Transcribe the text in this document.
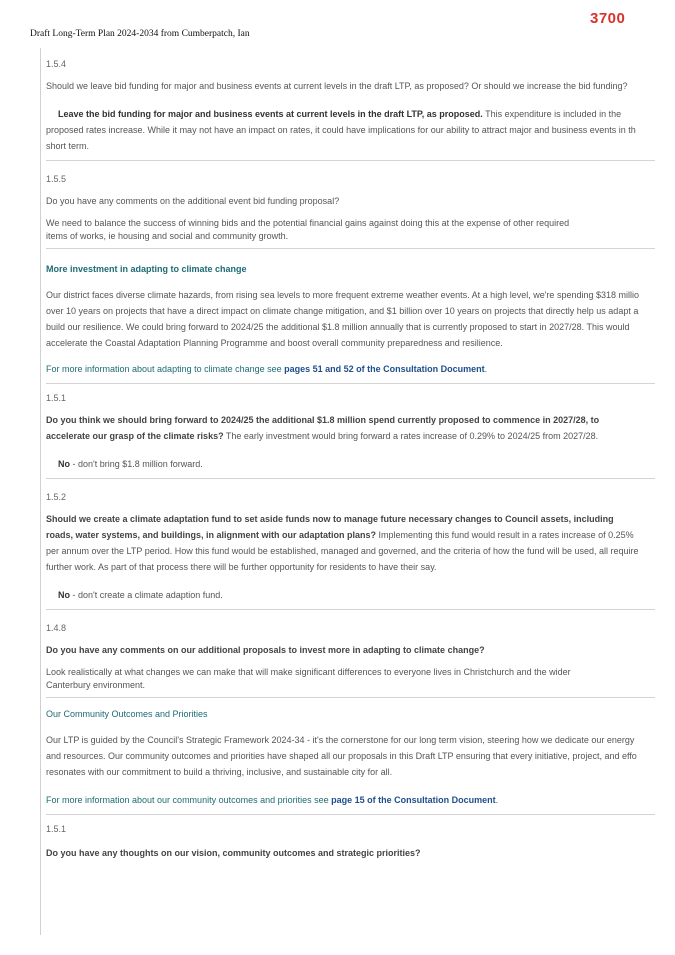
3700
Draft Long-Term Plan 2024-2034 from Cumberpatch, Ian
1.5.4
Should we leave bid funding for major and business events at current levels in the draft LTP, as proposed? Or should we increase the bid funding?
Leave the bid funding for major and business events at current levels in the draft LTP, as proposed. This expenditure is included in the
proposed rates increase. While it may not have an impact on rates, it could have implications for our ability to attract major and business events in th
short term.
1.5.5
Do you have any comments on the additional event bid funding proposal?
We need to balance the success of winning bids and the potential financial gains against doing this at the expense of other required
items of works, ie housing and social and community growth.
More investment in adapting to climate change
Our district faces diverse climate hazards, from rising sea levels to more frequent extreme weather events. At a high level, we're spending $318 millio
over 10 years on projects that have a direct impact on climate change mitigation, and $1 billion over 10 years on projects that directly help us adapt a
build our resilience. We could bring forward to 2024/25 the additional $1.8 million annually that is currently proposed to start in 2027/28. This would
accelerate the Coastal Adaptation Planning Programme and boost overall community preparedness and resilience.
For more information about adapting to climate change see pages 51 and 52 of the Consultation Document.
1.5.1
Do you think we should bring forward to 2024/25 the additional $1.8 million spend currently proposed to commence in 2027/28, to
accelerate our grasp of the climate risks? The early investment would bring forward a rates increase of 0.29% to 2024/25 from 2027/28.
No - don't bring $1.8 million forward.
1.5.2
Should we create a climate adaptation fund to set aside funds now to manage future necessary changes to Council assets, including
roads, water systems, and buildings, in alignment with our adaptation plans? Implementing this fund would result in a rates increase of 0.25%
per annum over the LTP period. How this fund would be established, managed and governed, and the criteria of how the fund will be used, all require
further work. As part of that process there will be further opportunity for residents to have their say.
No - don't create a climate adaption fund.
1.4.8
Do you have any comments on our additional proposals to invest more in adapting to climate change?
Look realistically at what changes we can make that will make significant differences to everyone lives in Christchurch and the wider
Canterbury environment.
Our Community Outcomes and Priorities
Our LTP is guided by the Council's Strategic Framework 2024-34 - it's the cornerstone for our long term vision, steering how we dedicate our energy
and resources. Our community outcomes and priorities have shaped all our proposals in this Draft LTP ensuring that every initiative, project, and effo
resonates with our commitment to build a thriving, inclusive, and sustainable city for all.
For more information about our community outcomes and priorities see page 15 of the Consultation Document.
1.5.1
Do you have any thoughts on our vision, community outcomes and strategic priorities?
